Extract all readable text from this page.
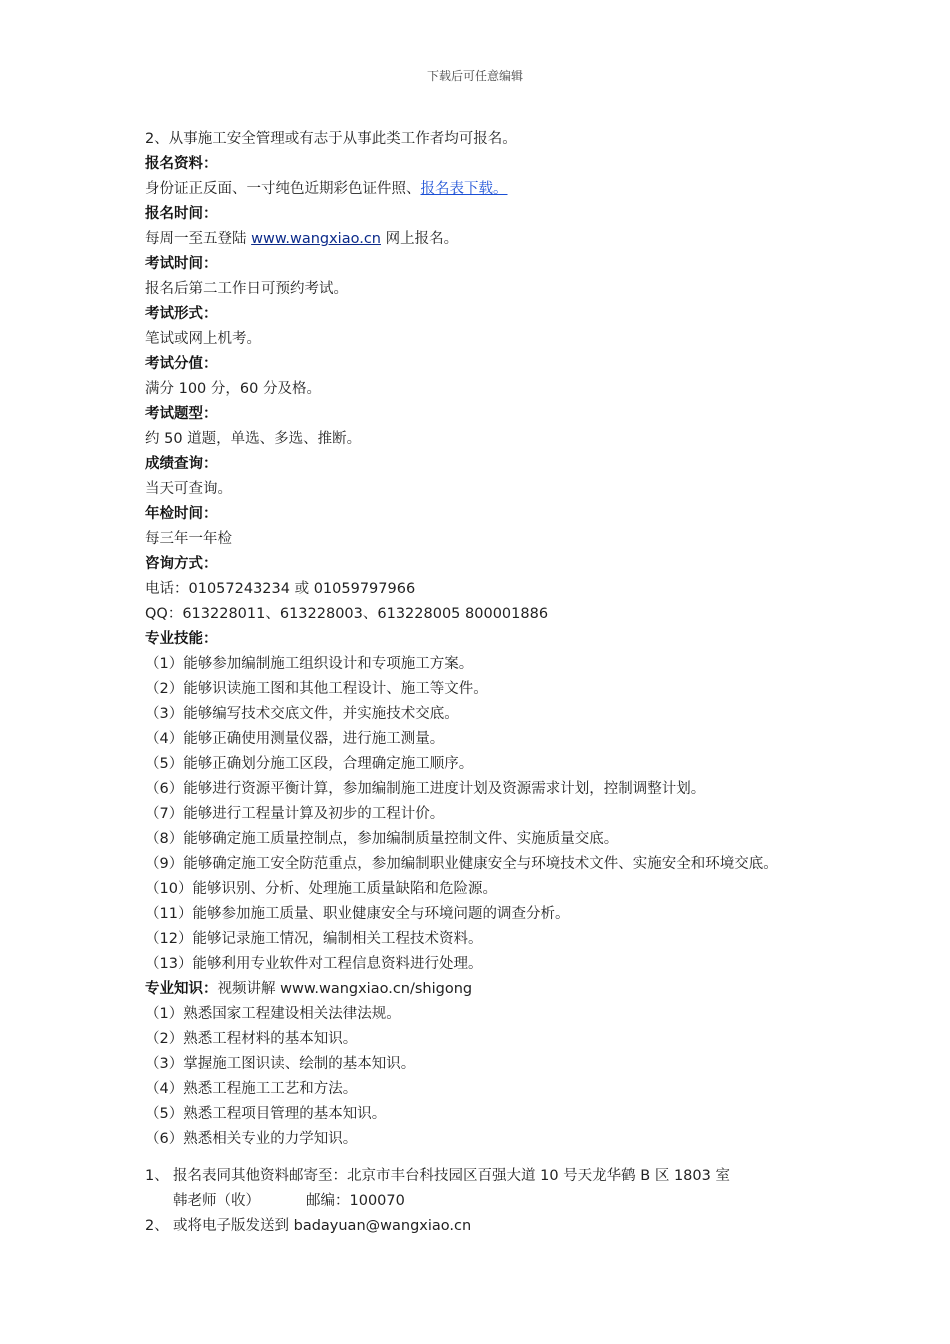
下载后可任意编辑
2、从事施工安全管理或有志于从事此类工作者均可报名。
报名资料：
身份证正反面、一寸纯色近期彩色证件照、报名表下载。
报名时间：
每周一至五登陆 www.wangxiao.cn 网上报名。
考试时间：
报名后第二工作日可预约考试。
考试形式：
笔试或网上机考。
考试分值：
满分 100 分，60 分及格。
考试题型：
约 50 道题，单选、多选、推断。
成绩查询：
当天可查询。
年检时间：
每三年一年检
咨询方式：
电话：01057243234 或 01059797966
QQ：613228011、613228003、613228005 800001886
专业技能：
（1）能够参加编制施工组织设计和专项施工方案。
（2）能够识读施工图和其他工程设计、施工等文件。
（3）能够编写技术交底文件，并实施技术交底。
（4）能够正确使用测量仪器，进行施工测量。
（5）能够正确划分施工区段，合理确定施工顺序。
（6）能够进行资源平衡计算，参加编制施工进度计划及资源需求计划，控制调整计划。
（7）能够进行工程量计算及初步的工程计价。
（8）能够确定施工质量控制点，参加编制质量控制文件、实施质量交底。
（9）能够确定施工安全防范重点，参加编制职业健康安全与环境技术文件、实施安全和环境交底。
（10）能够识别、分析、处理施工质量缺陷和危险源。
（11）能够参加施工质量、职业健康安全与环境问题的调查分析。
（12）能够记录施工情况，编制相关工程技术资料。
（13）能够利用专业软件对工程信息资料进行处理。
专业知识：视频讲解 www.wangxiao.cn/shigong
（1）熟悉国家工程建设相关法律法规。
（2）熟悉工程材料的基本知识。
（3）掌握施工图识读、绘制的基本知识。
（4）熟悉工程施工工艺和方法。
（5）熟悉工程项目管理的基本知识。
（6）熟悉相关专业的力学知识。
1、 报名表同其他资料邮寄至：北京市丰台科技园区百强大道 10 号天龙华鹤 B 区 1803 室
韩老师（收）	邮编：100070
2、 或将电子版发送到 badayuan@wangxiao.cn
